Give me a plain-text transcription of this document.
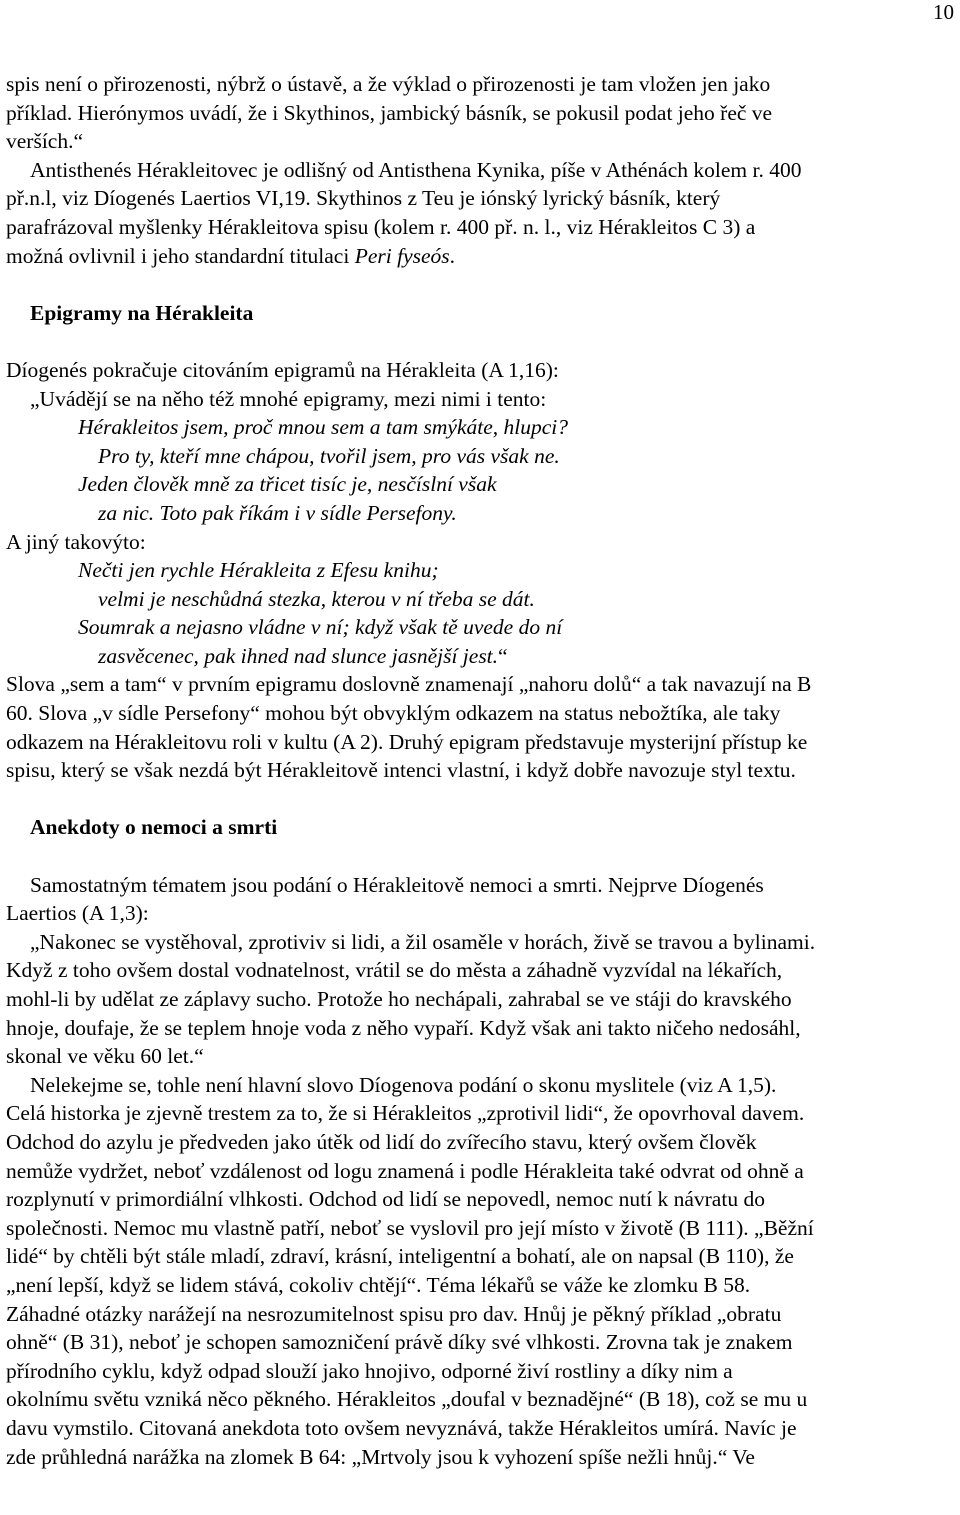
10
spis není o přirozenosti, nýbrž o ústavě, a že výklad o přirozenosti je tam vložen jen jako
příklad. Hierónymos uvádí, že i Skythinos, jambický básník, se pokusil podat jeho řeč ve
verších.“
Antisthenés Hérakleitovec je odlišný od Antisthena Kynika, píše v Athénách kolem r. 400
př.n.l, viz Díogenés Laertios VI,19. Skythinos z Teu je iónský lyrický básník, který
parafrázoval myšlenky Hérakleitova spisu (kolem r. 400 př. n. l., viz Hérakleitos C 3) a
možná ovlivnil i jeho standardní titulaci Peri fyseós.
Epigramy na Hérakleita
Díogenés pokračuje citováním epigramů na Hérakleita (A 1,16):
„Uvádějí se na něho též mnohé epigramy, mezi nimi i tento:
Hérakleitos jsem, proč mnou sem a tam smýkáte, hlupci?
Pro ty, kteří mne chápou, tvořil jsem, pro vás však ne.
Jeden člověk mně za třicet tisíc je, nesčíslní však
za nic. Toto pak říkám i v sídle Persefony.
A jiný takovýto:
Nečti jen rychle Hérakleita z Efesu knihu;
velmi je neschůdná stezka, kterou v ní třeba se dát.
Soumrak a nejasno vládne v ní; když však tě uvede do ní
zasvěcenec, pak ihned nad slunce jasnější jest.“
Slova „sem a tam“ v prvním epigramu doslovně znamenají „nahoru dolů“ a tak navazují na B
60. Slova „v sídle Persefony“ mohou být obvyklým odkazem na status nebožtíka, ale taky
odkazem na Hérakleitovu roli v kultu (A 2). Druhý epigram představuje mysterijní přístup ke
spisu, který se však nezdá být Hérakleitově intenci vlastní, i když dobře navozuje styl textu.
Anekdoty o nemoci a smrti
Samostatným tématem jsou podání o Hérakleitově nemoci a smrti. Nejprve Díogenés
Laertios (A 1,3):
„Nakonec se vystěhoval, zprotiviv si lidi, a žil osaměle v horách, živě se travou a bylinami.
Když z toho ovšem dostal vodnatelnost, vrátil se do města a záhadně vyzvídal na lékařích,
mohl-li by udělat ze záplavy sucho. Protože ho nechápali, zahrabal se ve stáji do kravského
hnoje, doufaje, že se teplem hnoje voda z něho vypaří. Když však ani takto ničeho nedosáhl,
skonal ve věku 60 let.“
Nelekejme se, tohle není hlavní slovo Díogenova podání o skonu myslitele (viz A 1,5).
Celá historka je zjevně trestem za to, že si Hérakleitos „zprotivil lidi“, že opovrhoval davem.
Odchod do azylu je předveden jako útěk od lidí do zvířecího stavu, který ovšem člověk
nemůže vydržet, neboť vzdálenost od logu znamená i podle Hérakleita také odvrat od ohně a
rozplynutí v primordiální vlhkosti. Odchod od lidí se nepovedl, nemoc nutí k návratu do
společnosti. Nemoc mu vlastně patří, neboť se vyslovil pro její místo v životě (B 111). „Běžní
lidé“ by chtěli být stále mladí, zdraví, krásní, inteligentní a bohatí, ale on napsal (B 110), že
„není lepší, když se lidem stává, cokoliv chtějí“. Téma lékařů se váže ke zlomku B 58.
Záhadné otázky narážejí na nesrozumitelnost spisu pro dav. Hnůj je pěkný příklad „obratu
ohně“ (B 31), neboť je schopen samozničení právě díky své vlhkosti. Zrovna tak je znakem
přírodního cyklu, když odpad slouží jako hnojivo, odporné živí rostliny a díky nim a
okolnímu světu vzniká něco pěkného. Hérakleitos „doufal v beznadějné“ (B 18), což se mu u
davu vymstilo. Citovaná anekdota toto ovšem nevyznává, takže Hérakleitos umírá. Navíc je
zde průhledná narážka na zlomek B 64: „Mrtvoly jsou k vyhození spíše nežli hnůj.“ Ve
